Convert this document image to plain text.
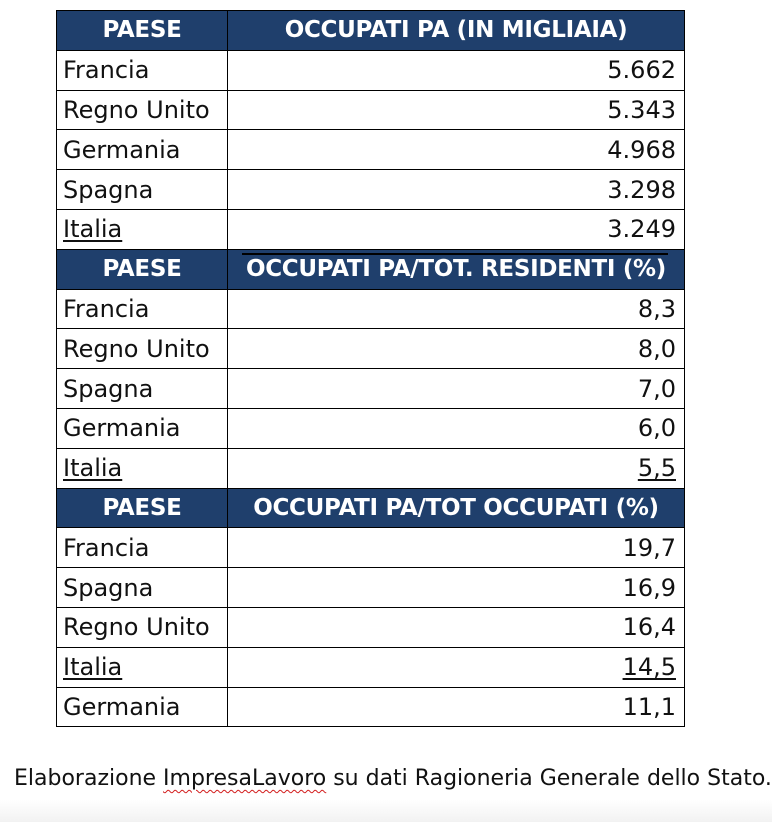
PAESE	OCCUPATI PA (IN MIGLIAIA)
Francia	5.662
Regno Unito	5.343
Germania	4.968
Spagna	3.298
Italia	3.249
PAESE	OCCUPATI PA/TOT. RESIDENTI (%)
Francia	8,3
Regno Unito	8,0
Spagna	7,0
Germania	6,0
Italia	5,5
PAESE	OCCUPATI PA/TOT OCCUPATI (%)
Francia	19,7
Spagna	16,9
Regno Unito	16,4
Italia	14,5
Germania	11,1
Elaborazione ImpresaLavoro su dati Ragioneria Generale dello Stato.
